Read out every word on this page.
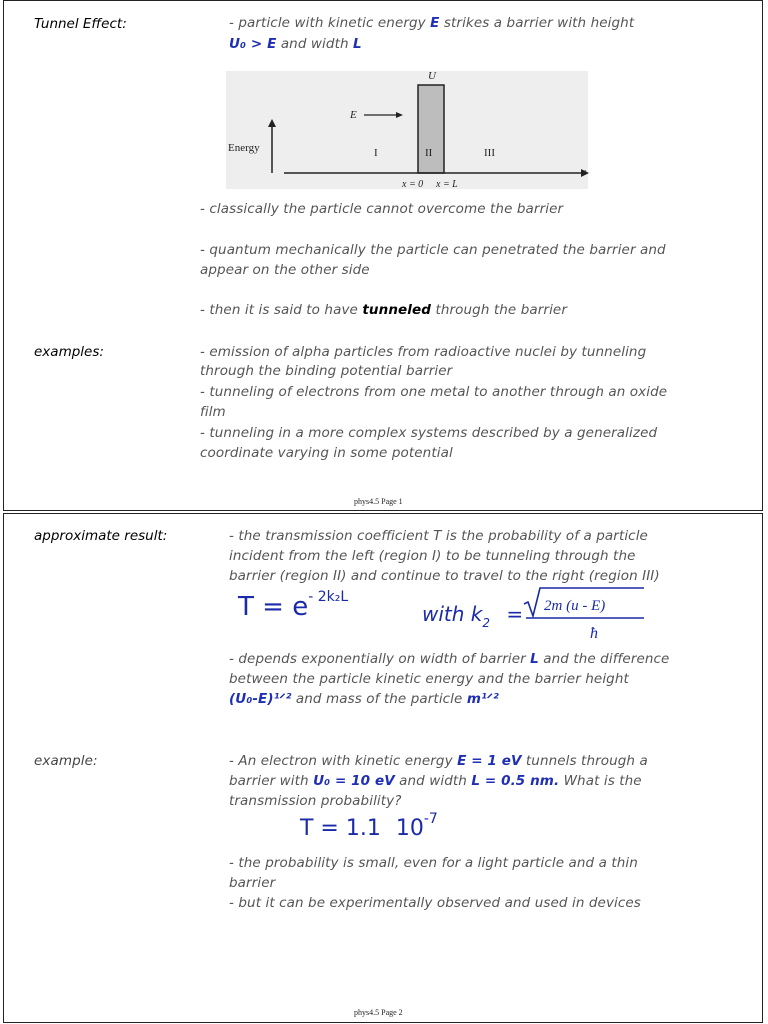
Tunnel Effect:	- particle with kinetic energy E strikes a barrier with height
U₀ > E and width L
U
E
Energy	I	II	III
x
x = 0 x = L
- classically the particle cannot overcome the barrier
- quantum mechanically the particle can penetrated the barrier and
appear on the other side
- then it is said to have tunneled through the barrier
examples:	- emission of alpha particles from radioactive nuclei by tunneling
through the binding potential barrier
- tunneling of electrons from one metal to another through an oxide
film
- tunneling in a more complex systems described by a generalized
coordinate varying in some potential
phys4.5 Page 1
approximate result:	- the transmission coefficient T is the probability of a particle
incident from the left (region I) to be tunneling through the
barrier (region II) and continue to travel to the right (region III)
$T = e^{- 2k_2L}$
with $k_2 = 2m$ (u - E)
ħ
- depends exponentially on width of barrier L and the difference
between the particle kinetic energy and the barrier height
(U₀-E)¹ᐟ² and mass of the particle m¹ᐟ²
example:	- An electron with kinetic energy E = 1 eV tunnels through a
barrier with U₀ = 10 eV and width L = 0.5 nm. What is the
transmission probability?
T = 1.1 $10^{-7}$
- the probability is small, even for a light particle and a thin
barrier
- but it can be experimentally observed and used in devices
phys4.5 Page 2
